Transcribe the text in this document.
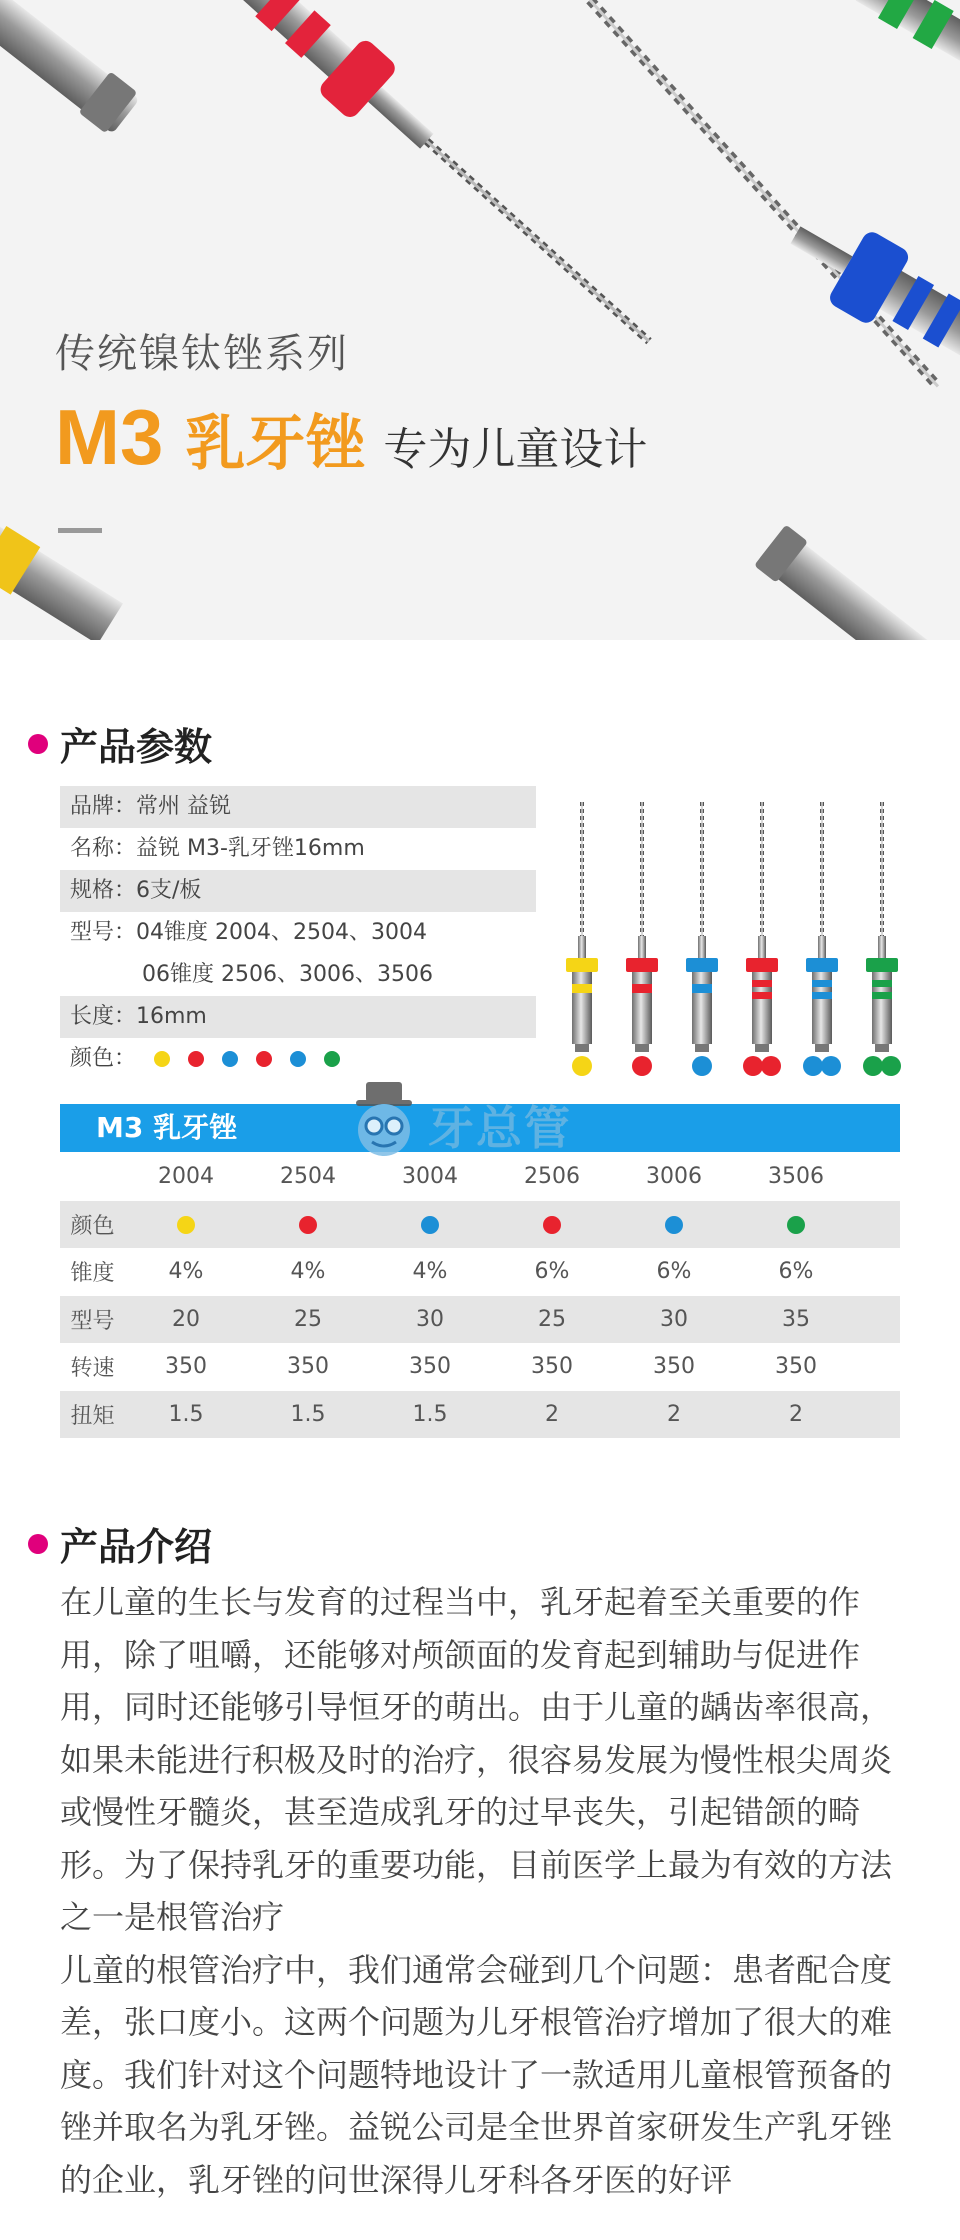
传统镍钛锉系列
M3 乳牙锉 专为儿童设计
产品参数
品牌：常州 益锐
名称：益锐 M3-乳牙锉16mm
规格：6支/板
型号：04锥度 2004、2504、3004
06锥度 2506、3006、3506
长度：16mm
颜色：
M3 乳牙锉	牙总管
2004	2504	3004	2506	3006	3506
颜色
锥度	4%	4%	4%	6%	6%	6%
型号	20	25	30	25	30	35
转速	350	350	350	350	350	350
扭矩	1.5	1.5	1.5	2	2	2
产品介绍

在儿童的生长与发育的过程当中，乳牙起着至关重要的作用，除了咀嚼，还能够对颅颌面的发育起到辅助与促进作用，同时还能够引导恒牙的萌出。由于儿童的龋齿率很高，如果未能进行积极及时的治疗，很容易发展为慢性根尖周炎或慢性牙髓炎，甚至造成乳牙的过早丧失，引起错颌的畸形。为了保持乳牙的重要功能，目前医学上最为有效的方法之一是根管治疗

儿童的根管治疗中，我们通常会碰到几个问题：患者配合度差，张口度小。这两个问题为儿牙根管治疗增加了很大的难度。我们针对这个问题特地设计了一款适用儿童根管预备的锉并取名为乳牙锉。益锐公司是全世界首家研发生产乳牙锉的企业，乳牙锉的问世深得儿牙科各牙医的好评
